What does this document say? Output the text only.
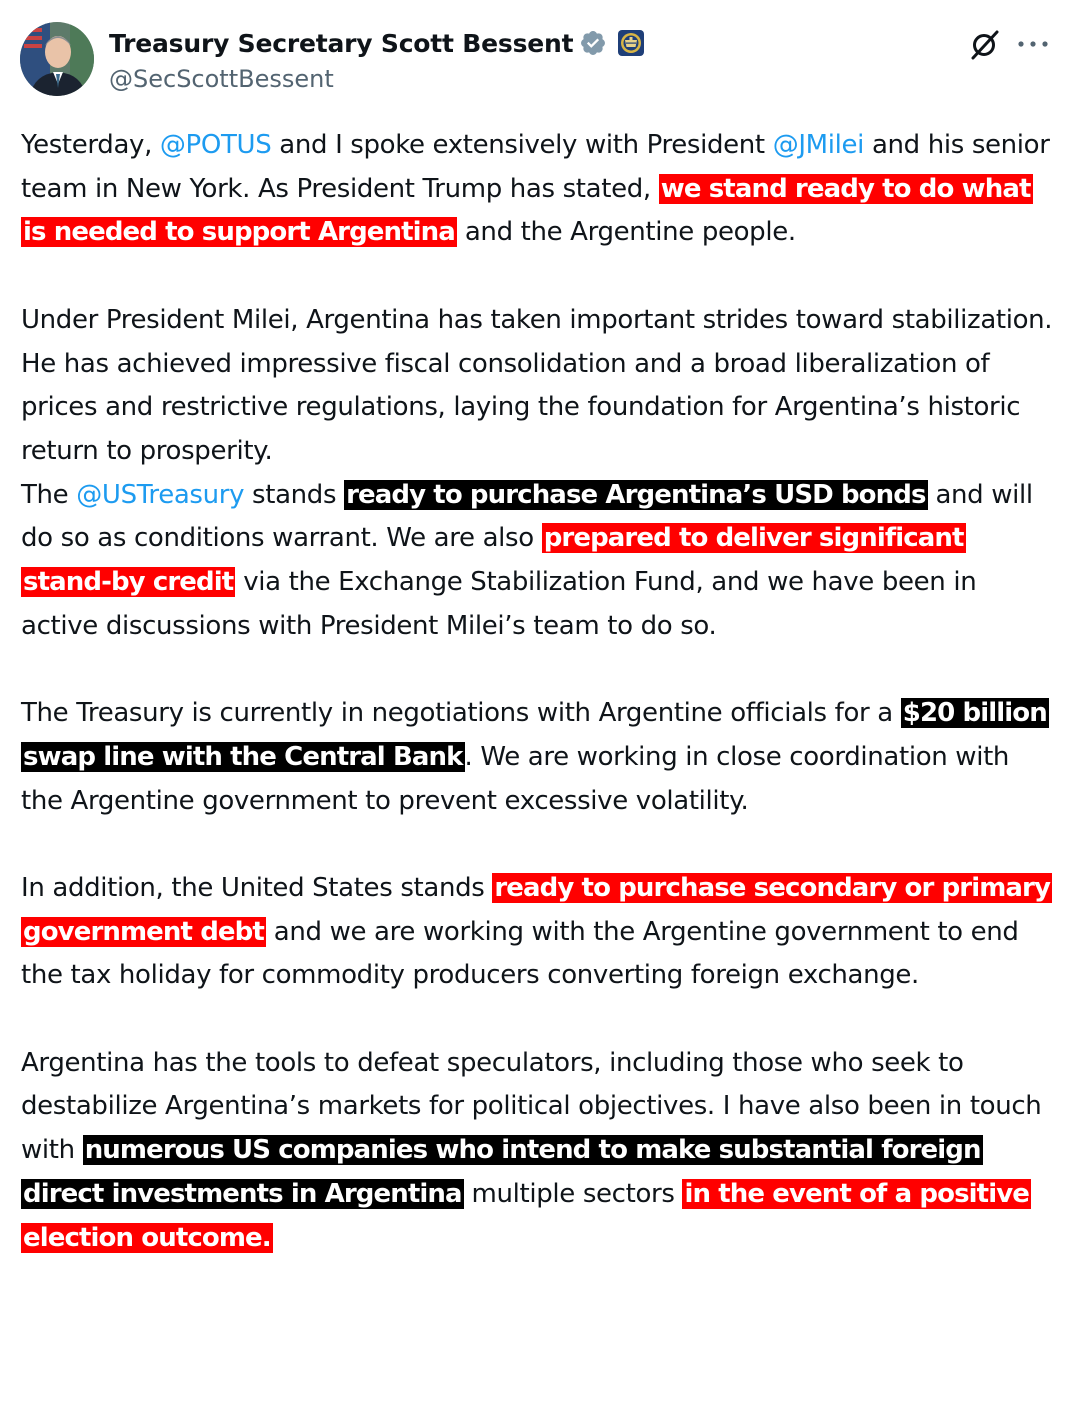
Treasury Secretary Scott Bessent
@SecScottBessent

Yesterday, @POTUS and I spoke extensively with President @JMilei and his senior team in New York. As President Trump has stated, we stand ready to do what is needed to support Argentina and the Argentine people.

Under President Milei, Argentina has taken important strides toward stabilization. He has achieved impressive fiscal consolidation and a broad liberalization of prices and restrictive regulations, laying the foundation for Argentina’s historic return to prosperity.
The @USTreasury stands ready to purchase Argentina’s USD bonds and will do so as conditions warrant. We are also prepared to deliver significant stand-by credit via the Exchange Stabilization Fund, and we have been in active discussions with President Milei’s team to do so.

The Treasury is currently in negotiations with Argentine officials for a $20 billion swap line with the Central Bank. We are working in close coordination with the Argentine government to prevent excessive volatility.

In addition, the United States stands ready to purchase secondary or primary government debt and we are working with the Argentine government to end the tax holiday for commodity producers converting foreign exchange.

Argentina has the tools to defeat speculators, including those who seek to destabilize Argentina’s markets for political objectives. I have also been in touch with numerous US companies who intend to make substantial foreign direct investments in Argentina multiple sectors in the event of a positive election outcome.
